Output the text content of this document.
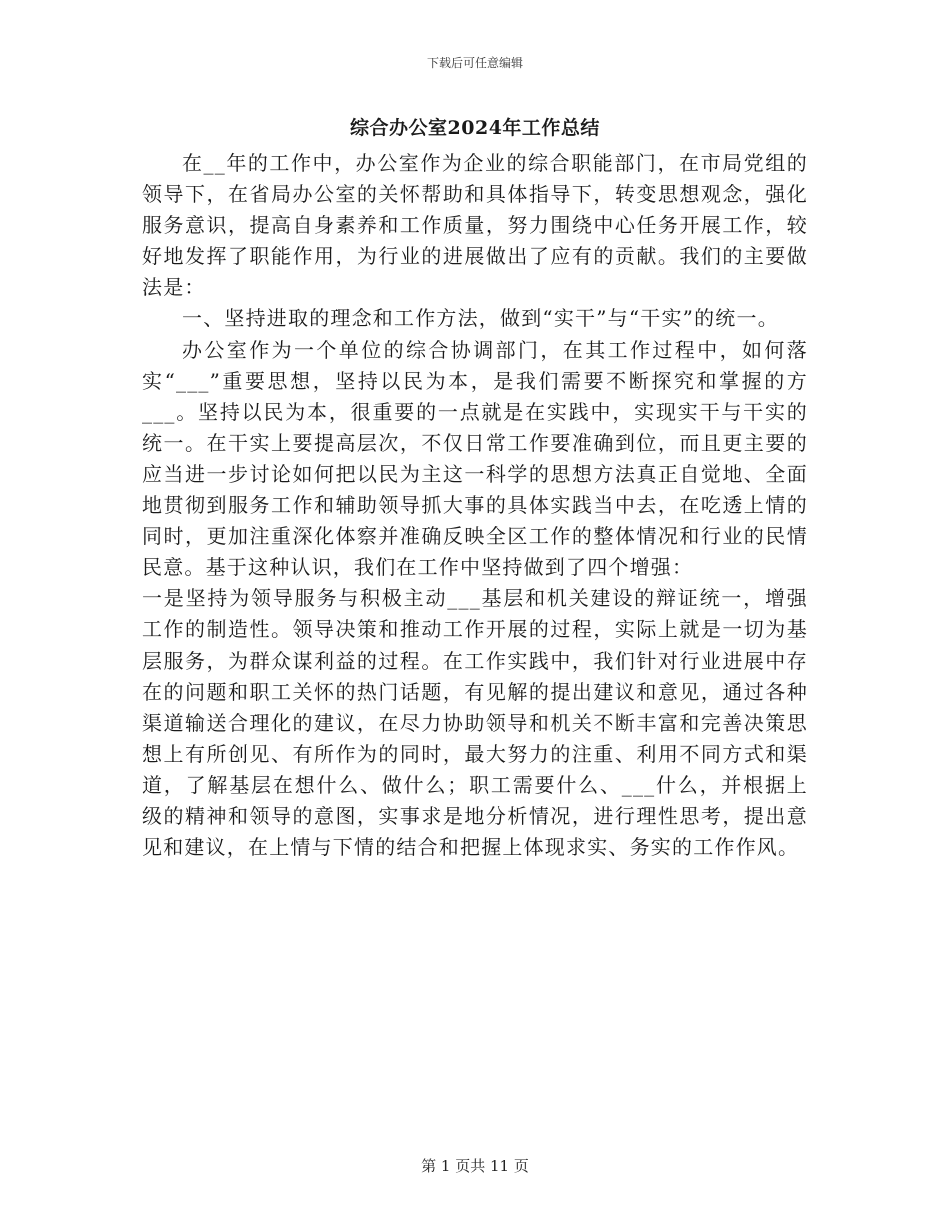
下载后可任意编辑
综合办公室2024年工作总结

在__年的工作中，办公室作为企业的综合职能部门，在市局党组的领导下，在省局办公室的关怀帮助和具体指导下，转变思想观念，强化服务意识，提高自身素养和工作质量，努力围绕中心任务开展工作，较好地发挥了职能作用，为行业的进展做出了应有的贡献。我们的主要做法是：

一、坚持进取的理念和工作方法，做到“实干”与“干实”的统一。

办公室作为一个单位的综合协调部门，在其工作过程中，如何落实“___”重要思想，坚持以民为本，是我们需要不断探究和掌握的方___。坚持以民为本，很重要的一点就是在实践中，实现实干与干实的统一。在干实上要提高层次，不仅日常工作要准确到位，而且更主要的应当进一步讨论如何把以民为主这一科学的思想方法真正自觉地、全面地贯彻到服务工作和辅助领导抓大事的具体实践当中去，在吃透上情的同时，更加注重深化体察并准确反映全区工作的整体情况和行业的民情民意。基于这种认识，我们在工作中坚持做到了四个增强：

一是坚持为领导服务与积极主动___基层和机关建设的辩证统一，增强工作的制造性。领导决策和推动工作开展的过程，实际上就是一切为基层服务，为群众谋利益的过程。在工作实践中，我们针对行业进展中存在的问题和职工关怀的热门话题，有见解的提出建议和意见，通过各种渠道输送合理化的建议，在尽力协助领导和机关不断丰富和完善决策思想上有所创见、有所作为的同时，最大努力的注重、利用不同方式和渠道，了解基层在想什么、做什么；职工需要什么、___什么，并根据上级的精神和领导的意图，实事求是地分析情况，进行理性思考，提出意见和建议，在上情与下情的结合和把握上体现求实、务实的工作作风。

第 1 页共 11 页
